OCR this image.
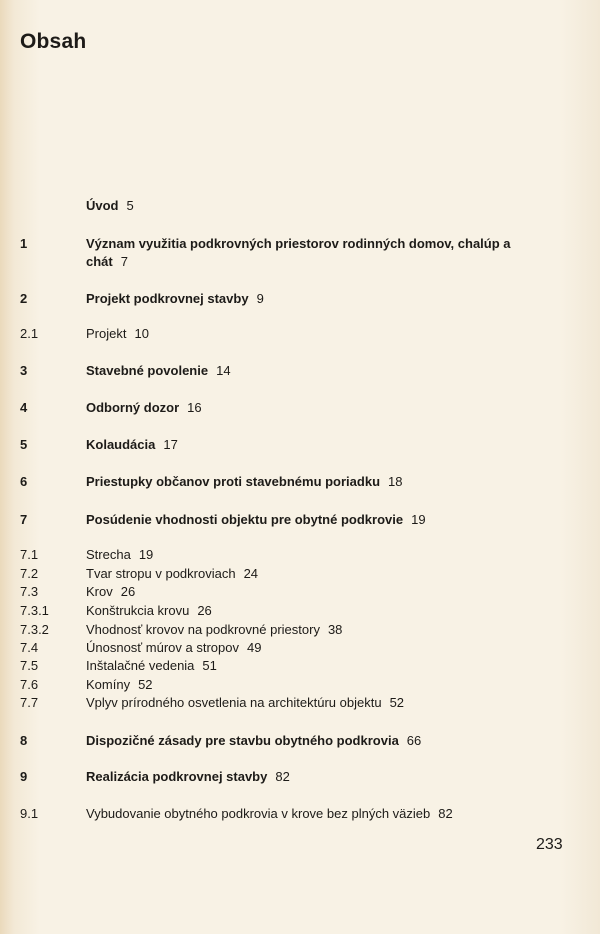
Obsah
Úvod 5
1	Význam využitia podkrovných priestorov rodinných domov, chalúp a chát 7
2	Projekt podkrovnej stavby 9
2.1	Projekt 10
3	Stavebné povolenie 14
4	Odborný dozor 16
5	Kolaudácia 17
6	Priestupky občanov proti stavebnému poriadku 18
7	Posúdenie vhodnosti objektu pre obytné podkrovie 19
7.1	Strecha 19
7.2	Tvar stropu v podkroviach 24
7.3	Krov 26
7.3.1	Konštrukcia krovu 26
7.3.2	Vhodnosť krovov na podkrovné priestory 38
7.4	Únosnosť múrov a stropov 49
7.5	Inštalačné vedenia 51
7.6	Komíny 52
7.7	Vplyv prírodného osvetlenia na architektúru objektu 52
8	Dispozičné zásady pre stavbu obytného podkrovia 66
9	Realizácia podkrovnej stavby 82
9.1	Vybudovanie obytného podkrovia v krove bez plných väzieb 82
233
